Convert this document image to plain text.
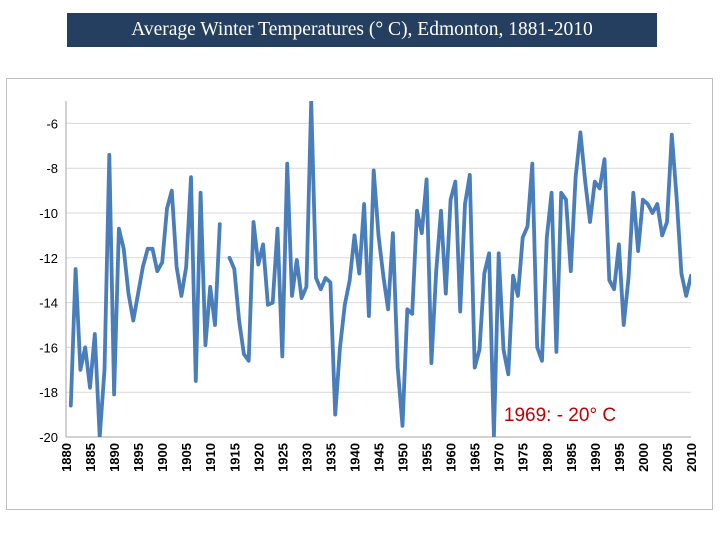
Average Winter Temperatures (° C), Edmonton, 1881-2010
-6
-8
-10
-12
-14
-16
-18
-20
1880 1885 1890 1895 1900 1905 1910 1915 1920 1925 1930 1935 1940 1945 1950 1955 1960 1965 1970 1975 1980 1985 1990 1995 2000 2005 2010
1969: - 20° C
